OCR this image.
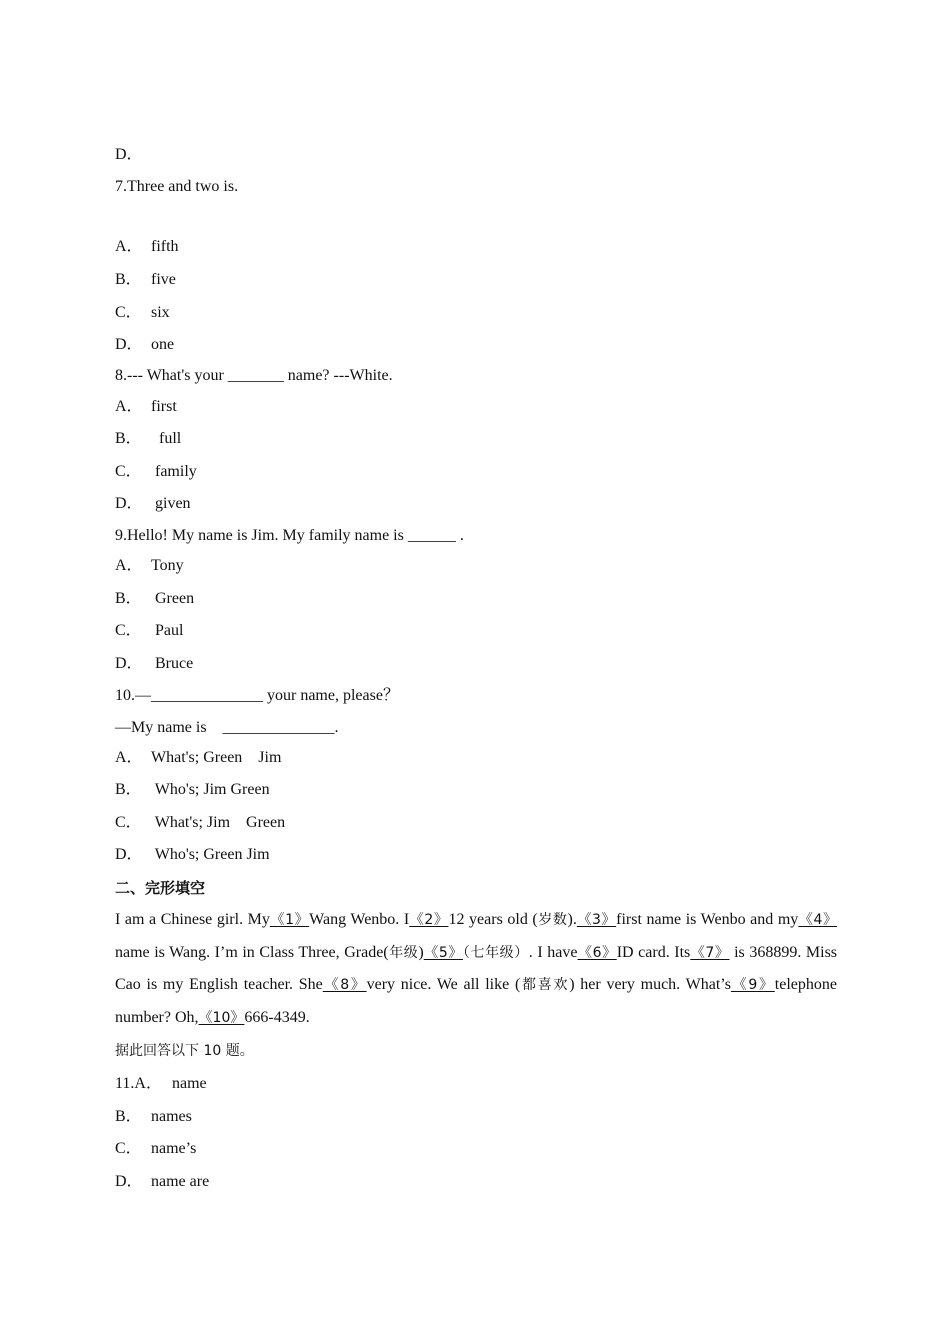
D．
7.Three and two is.
A． fifth
B． five
C． six
D． one
8.--- What's your _______ name? ---White.
A． first
B．  full
C． family
D． given
9.Hello! My name is Jim. My family name is ______ .
A． Tony
B． Green
C． Paul
D． Bruce
10.—______________ your name, please？
—My name is    ______________.
A． What's; Green    Jim
B． Who's; Jim Green
C． What's; Jim    Green
D． Who's; Green Jim
二、完形填空
I am a Chinese girl. My《1》Wang Wenbo. I《2》12 years old (岁数).《3》first name is Wenbo and my《4》name is Wang. I’m in Class Three, Grade(年级)《5》（七年级）. I have《6》ID card. Its《7》 is 368899. Miss Cao is my English teacher. She《8》very nice. We all like (都喜欢) her very much. What’s《9》telephone number? Oh,《10》666-4349.
据此回答以下 10 题。
11.A． name
B． names
C． name’s
D． name are
